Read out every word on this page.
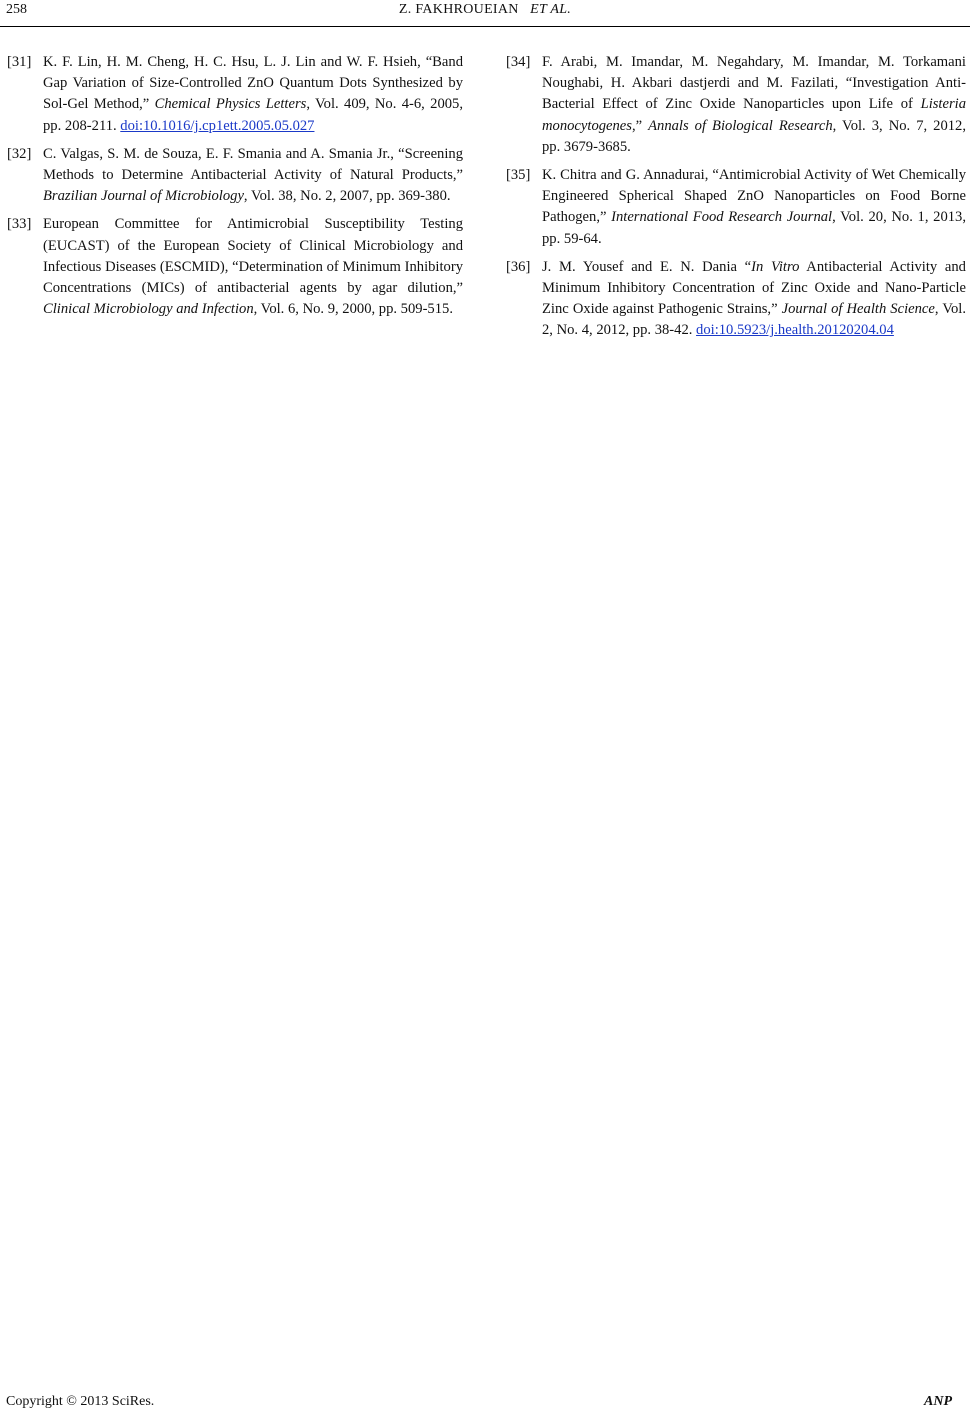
258	Z. FAKHROUEIAN ET AL.
[31] K. F. Lin, H. M. Cheng, H. C. Hsu, L. J. Lin and W. F. Hsieh, “Band Gap Variation of Size-Controlled ZnO Quantum Dots Synthesized by Sol-Gel Method,” Chemical Physics Letters, Vol. 409, No. 4-6, 2005, pp. 208-211. doi:10.1016/j.cp1ett.2005.05.027
[32] C. Valgas, S. M. de Souza, E. F. Smania and A. Smania Jr., “Screening Methods to Determine Antibacterial Activity of Natural Products,” Brazilian Journal of Microbiology, Vol. 38, No. 2, 2007, pp. 369-380.
[33] European Committee for Antimicrobial Susceptibility Testing (EUCAST) of the European Society of Clinical Microbiology and Infectious Diseases (ESCMID), “Determination of Minimum Inhibitory Concentrations (MICs) of antibacterial agents by agar dilution,” Clinical Microbiology and Infection, Vol. 6, No. 9, 2000, pp. 509-515.
[34] F. Arabi, M. Imandar, M. Negahdary, M. Imandar, M. Torkamani Noughabi, H. Akbari dastjerdi and M. Fazilati, “Investigation Anti-Bacterial Effect of Zinc Oxide Nanoparticles upon Life of Listeria monocytogenes,” Annals of Biological Research, Vol. 3, No. 7, 2012, pp. 3679-3685.
[35] K. Chitra and G. Annadurai, “Antimicrobial Activity of Wet Chemically Engineered Spherical Shaped ZnO Nanoparticles on Food Borne Pathogen,” International Food Research Journal, Vol. 20, No. 1, 2013, pp. 59-64.
[36] J. M. Yousef and E. N. Dania “In Vitro Antibacterial Activity and Minimum Inhibitory Concentration of Zinc Oxide and Nano-Particle Zinc Oxide against Pathogenic Strains,” Journal of Health Science, Vol. 2, No. 4, 2012, pp. 38-42. doi:10.5923/j.health.20120204.04
Copyright © 2013 SciRes.	ANP
